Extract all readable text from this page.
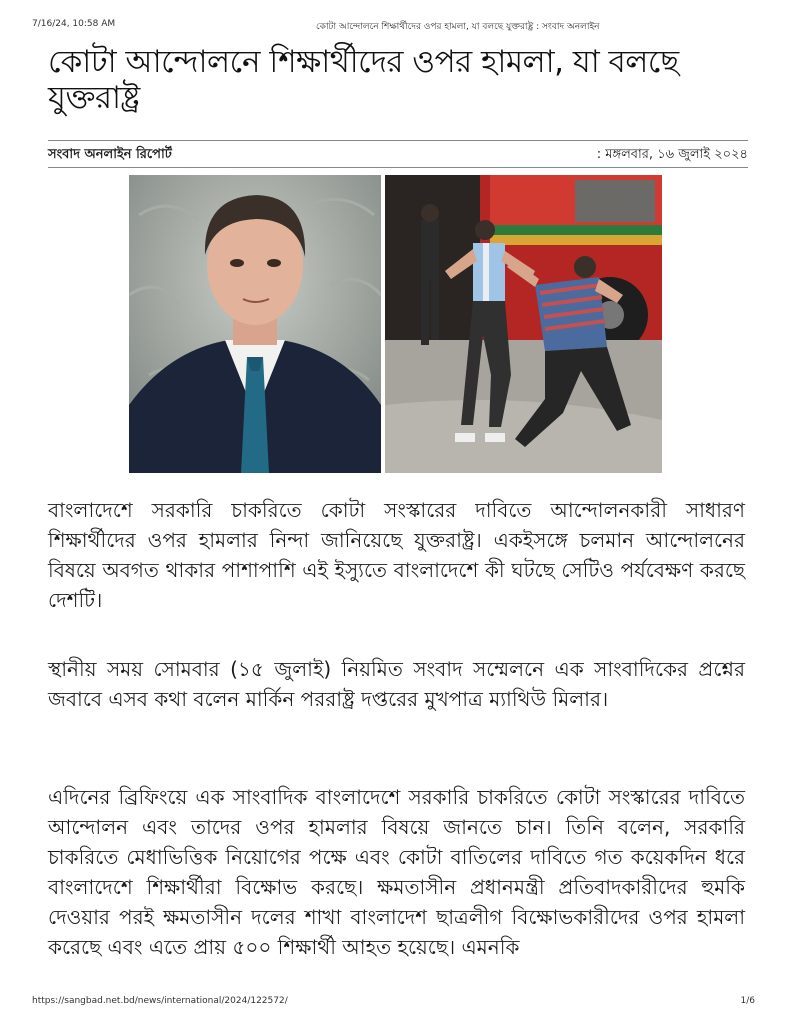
7/16/24, 10:58 AM	কোটা আন্দোলনে শিক্ষার্থীদের ওপর হামলা, যা বলছে যুক্তরাষ্ট্র : সংবাদ অনলাইন
কোটা আন্দোলনে শিক্ষার্থীদের ওপর হামলা, যা বলছে যুক্তরাষ্ট্র
সংবাদ অনলাইন রিপোর্ট	: মঙ্গলবার, ১৬ জুলাই ২০২৪

বাংলাদেশে সরকারি চাকরিতে কোটা সংস্কারের দাবিতে আন্দোলনকারী সাধারণ শিক্ষার্থীদের ওপর হামলার নিন্দা জানিয়েছে যুক্তরাষ্ট্র। একইসঙ্গে চলমান আন্দোলনের বিষয়ে অবগত থাকার পাশাপাশি এই ইস্যুতে বাংলাদেশে কী ঘটছে সেটিও পর্যবেক্ষণ করছে দেশটি।

স্থানীয় সময় সোমবার (১৫ জুলাই) নিয়মিত সংবাদ সম্মেলনে এক সাংবাদিকের প্রশ্নের জবাবে এসব কথা বলেন মার্কিন পররাষ্ট্র দপ্তরের মুখপাত্র ম্যাথিউ মিলার।

এদিনের ব্রিফিংয়ে এক সাংবাদিক বাংলাদেশে সরকারি চাকরিতে কোটা সংস্কারের দাবিতে আন্দোলন এবং তাদের ওপর হামলার বিষয়ে জানতে চান। তিনি বলেন, সরকারি চাকরিতে মেধাভিত্তিক নিয়োগের পক্ষে এবং কোটা বাতিলের দাবিতে গত কয়েকদিন ধরে বাংলাদেশে শিক্ষার্থীরা বিক্ষোভ করছে। ক্ষমতাসীন প্রধানমন্ত্রী প্রতিবাদকারীদের হুমকি দেওয়ার পরই ক্ষমতাসীন দলের শাখা বাংলাদেশ ছাত্রলীগ বিক্ষোভকারীদের ওপর হামলা করেছে এবং এতে প্রায় ৫০০ শিক্ষার্থী আহত হয়েছে। এমনকি

https://sangbad.net.bd/news/international/2024/122572/	1/6
